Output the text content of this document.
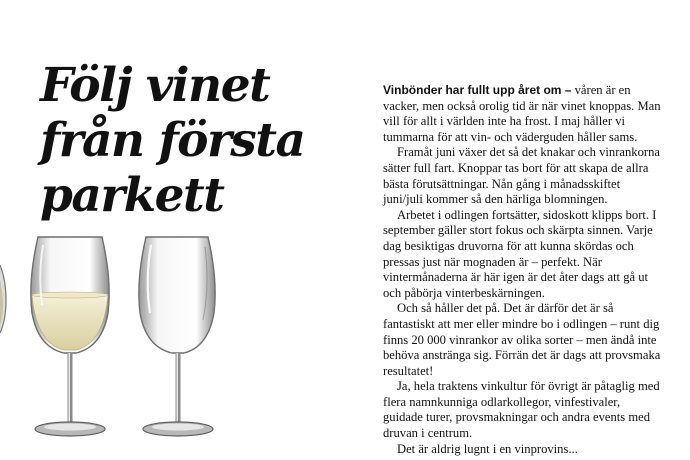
Följ vinet
från första
parkett

Vinbönder har fullt upp året om – våren är en vacker, men också orolig tid är när vinet knoppas. Man vill för allt i världen inte ha frost. I maj håller vi tummarna för att vin- och väderguden håller sams.

Framåt juni växer det så det knakar och vinrankorna sätter full fart. Knoppar tas bort för att skapa de allra bästa förutsättningar. Nån gång i månadsskiftet juni/juli kommer så den härliga blomningen.

Arbetet i odlingen fortsätter, sidoskott klipps bort. I september gäller stort fokus och skärpta sinnen. Varje dag besiktigas druvorna för att kunna skördas och pressas just när mognaden är – perfekt. När vintermånaderna är här igen är det åter dags att gå ut och påbörja vinterbeskärningen.

Och så håller det på. Det är därför det är så fantastiskt att mer eller mindre bo i odlingen – runt dig finns 20 000 vinrankor av olika sorter – men ändå inte behöva anstränga sig. Förrän det är dags att provsmaka resultatet!

Ja, hela traktens vinkultur för övrigt är påtaglig med flera namnkunniga odlarkollegor, vinfestivaler, guidade turer, provsmakningar och andra events med druvan i centrum.

Det är aldrig lugnt i en vinprovins...
